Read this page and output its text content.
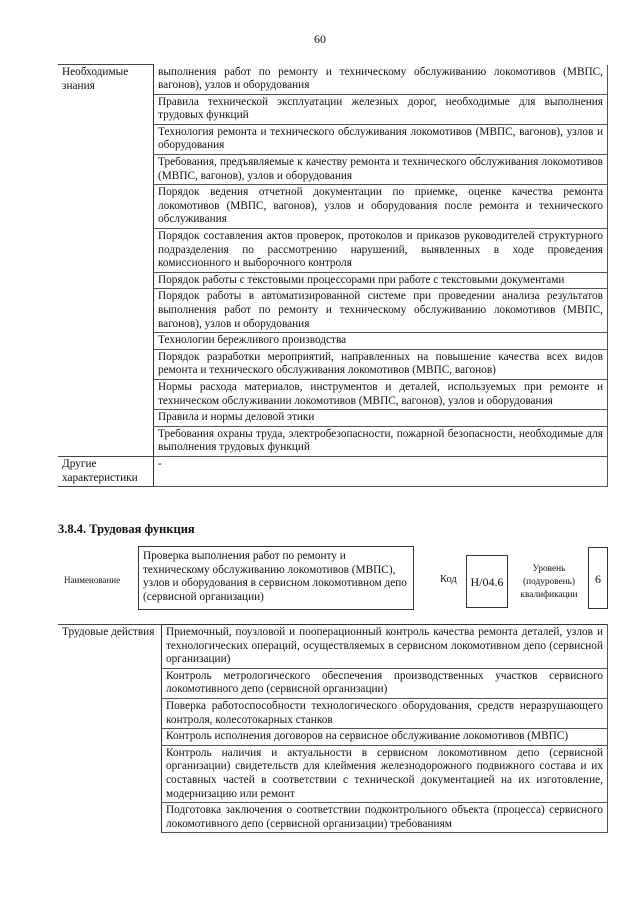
60
Необходимые знания	выполнения работ по ремонту и техническому обслуживанию локомотивов (МВПС, вагонов), узлов и оборудования
	Правила технической эксплуатации железных дорог, необходимые для выполнения трудовых функций
	Технология ремонта и технического обслуживания локомотивов (МВПС, вагонов), узлов и оборудования
	Требования, предъявляемые к качеству ремонта и технического обслуживания локомотивов (МВПС, вагонов), узлов и оборудования
	Порядок ведения отчетной документации по приемке, оценке качества ремонта локомотивов (МВПС, вагонов), узлов и оборудования после ремонта и технического обслуживания
	Порядок составления актов проверок, протоколов и приказов руководителей структурного подразделения по рассмотрению нарушений, выявленных в ходе проведения комиссионного и выборочного контроля
	Порядок работы с текстовыми процессорами при работе с текстовыми документами
	Порядок работы в автоматизированной системе при проведении анализа результатов выполнения работ по ремонту и техническому обслуживанию локомотивов (МВПС, вагонов), узлов и оборудования
	Технологии бережливого производства
	Порядок разработки мероприятий, направленных на повышение качества всех видов ремонта и технического обслуживания локомотивов (МВПС, вагонов)
	Нормы расхода материалов, инструментов и деталей, используемых при ремонте и техническом обслуживании локомотивов (МВПС, вагонов), узлов и оборудования
	Правила и нормы деловой этики
	Требования охраны труда, электробезопасности, пожарной безопасности, необходимые для выполнения трудовых функций
Другие характеристики	-
3.8.4. Трудовая функция
Наименование
Проверка выполнения работ по ремонту и техническому обслуживанию локомотивов (МВПС), узлов и оборудования в сервисном локомотивном депо (сервисной организации)
Код	Н/04.6
Уровень (подуровень) квалификации
6
Трудовые действия	Приемочный, поузловой и пооперационный контроль качества ремонта деталей, узлов и технологических операций, осуществляемых в сервисном локомотивном депо (сервисной организации)
Контроль метрологического обеспечения производственных участков сервисного локомотивного депо (сервисной организации)
Поверка работоспособности технологического оборудования, средств неразрушающего контроля, колесотокарных станков
Контроль исполнения договоров на сервисное обслуживание локомотивов (МВПС)
Контроль наличия и актуальности в сервисном локомотивном депо (сервисной организации) свидетельств для клеймения железнодорожного подвижного состава и их составных частей в соответствии с технической документацией на их изготовление, модернизацию или ремонт
Подготовка заключения о соответствии подконтрольного объекта (процесса) сервисного локомотивного депо (сервисной организации) требованиям
